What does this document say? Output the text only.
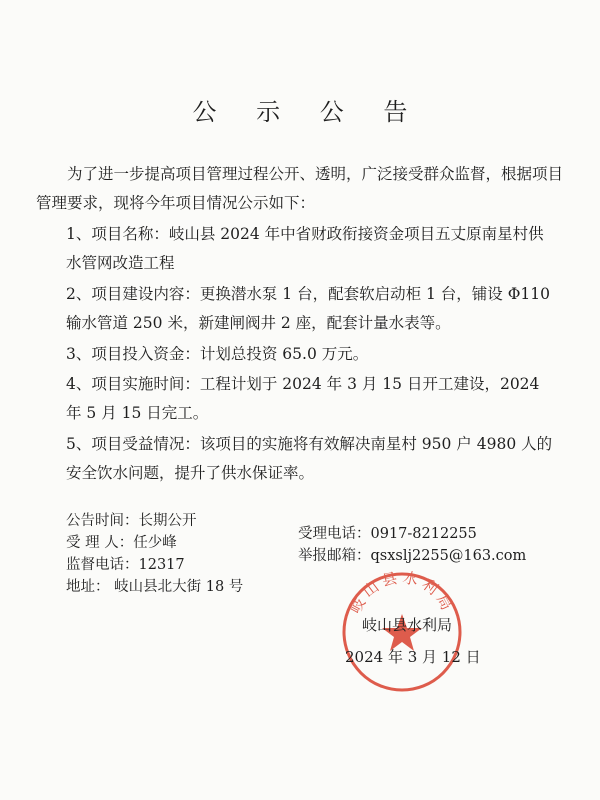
公 示 公 告
为了进一步提高项目管理过程公开、透明，广泛接受群众监督，根据项目管理要求，现将今年项目情况公示如下：
1、项目名称：岐山县 2024 年中省财政衔接资金项目五丈原南星村供水管网改造工程
2、项目建设内容：更换潜水泵 1 台，配套软启动柜 1 台，铺设 Φ110 输水管道 250 米，新建闸阀井 2 座，配套计量水表等。
3、项目投入资金：计划总投资 65.0 万元。
4、项目实施时间：工程计划于 2024 年 3 月 15 日开工建设，2024 年 5 月 15 日完工。
5、项目受益情况：该项目的实施将有效解决南星村 950 户 4980 人的安全饮水问题，提升了供水保证率。
公告时间：长期公开
受 理 人：任少峰
监督电话：12317
地址： 岐山县北大街 18 号
受理电话：0917-8212255
举报邮箱：qsxslj2255@163.com
岐山县水利局
岐山县水利局
2024 年 3 月 12 日
